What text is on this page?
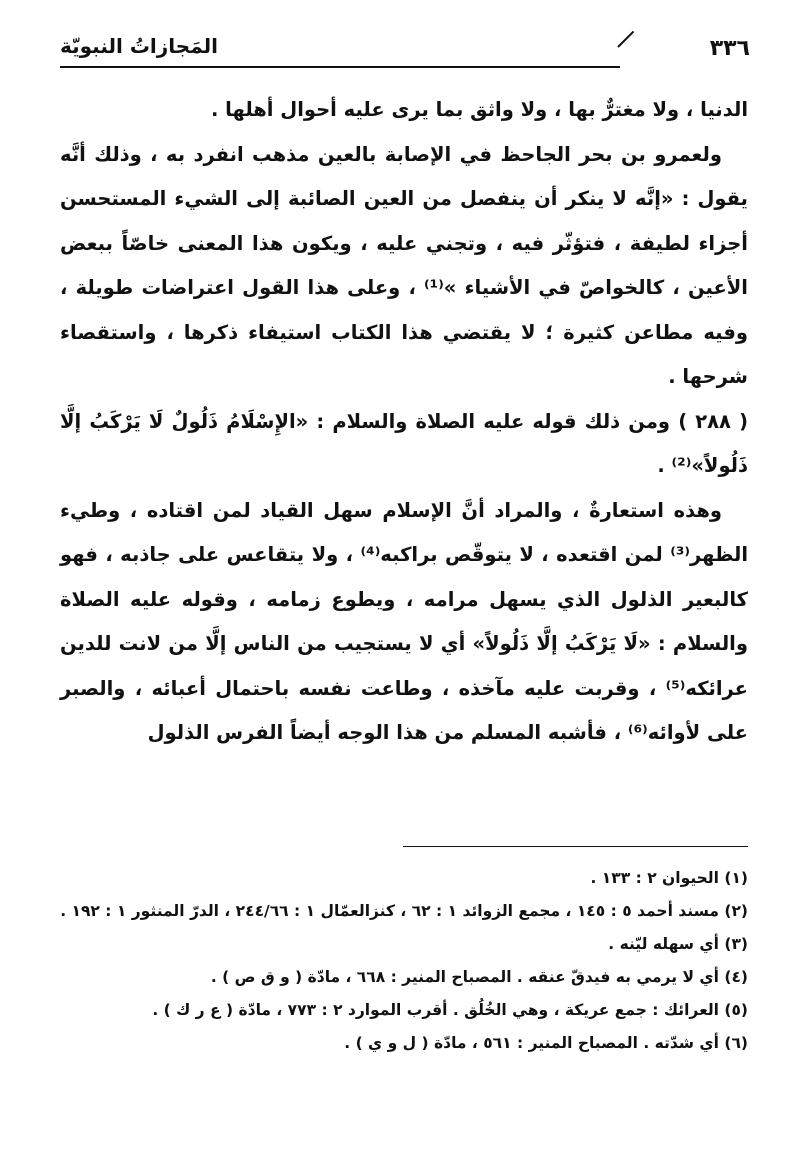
٣٣٦
المَجازاتُ النبويّة

الدنيا ، ولا مغترٌّ بها ، ولا واثق بما يرى عليه أحوال أهلها .

ولعمرو بن بحر الجاحظ في الإصابة بالعين مذهب انفرد به ، وذلك أنَّه يقول : «إنَّه لا ينكر أن ينفصل من العين الصائبة إلى الشيء المستحسن أجزاء لطيفة ، فتؤثّر فيه ، وتجني عليه ، ويكون هذا المعنى خاصّاً ببعض الأعين ، كالخواصّ في الأشياء »⁽¹⁾ ، وعلى هذا القول اعتراضات طويلة ، وفيه مطاعن كثيرة ؛ لا يقتضي هذا الكتاب استيفاء ذكرها ، واستقصاء شرحها .

( ٢٨٨ ) ومن ذلك قوله عليه الصلاة والسلام : «الإِسْلَامُ ذَلُولٌ لَا يَرْكَبُ إلَّا ذَلُولاً»⁽²⁾ .

وهذه استعارةٌ ، والمراد أنَّ الإسلام سهل القياد لمن اقتاده ، وطيء الظهر⁽³⁾ لمن اقتعده ، لا يتوقّص براكبه⁽⁴⁾ ، ولا يتقاعس على جاذبه ، فهو كالبعير الذلول الذي يسهل مرامه ، ويطوع زمامه ، وقوله عليه الصلاة والسلام : «لَا يَرْكَبُ إلَّا ذَلُولاً» أي لا يستجيب من الناس إلَّا من لانت للدين عرائكه⁽⁵⁾ ، وقربت عليه مآخذه ، وطاعت نفسه باحتمال أعبائه ، والصبر على لأوائه⁽⁶⁾ ، فأشبه المسلم من هذا الوجه أيضاً الفرس الذلول

(١) الحيوان ٢ : ١٣٣ .
(٢) مسند أحمد ٥ : ١٤٥ ، مجمع الزوائد ١ : ٦٢ ، كنزالعمّال ١ : ٢٤٤/٦٦ ، الدرّ المنثور ١ : ١٩٢ .
(٣) أي سهله ليّنه .
(٤) أي لا يرمي به فيدقّ عنقه . المصباح المنير : ٦٦٨ ، مادّة ( و ق ص ) .
(٥) العرائك : جمع عريكة ، وهي الخُلُق . أقرب الموارد ٢ : ٧٧٣ ، مادّة ( ع ر ك ) .
(٦) أي شدّته . المصباح المنير : ٥٦١ ، مادّة ( ل و ي ) .
